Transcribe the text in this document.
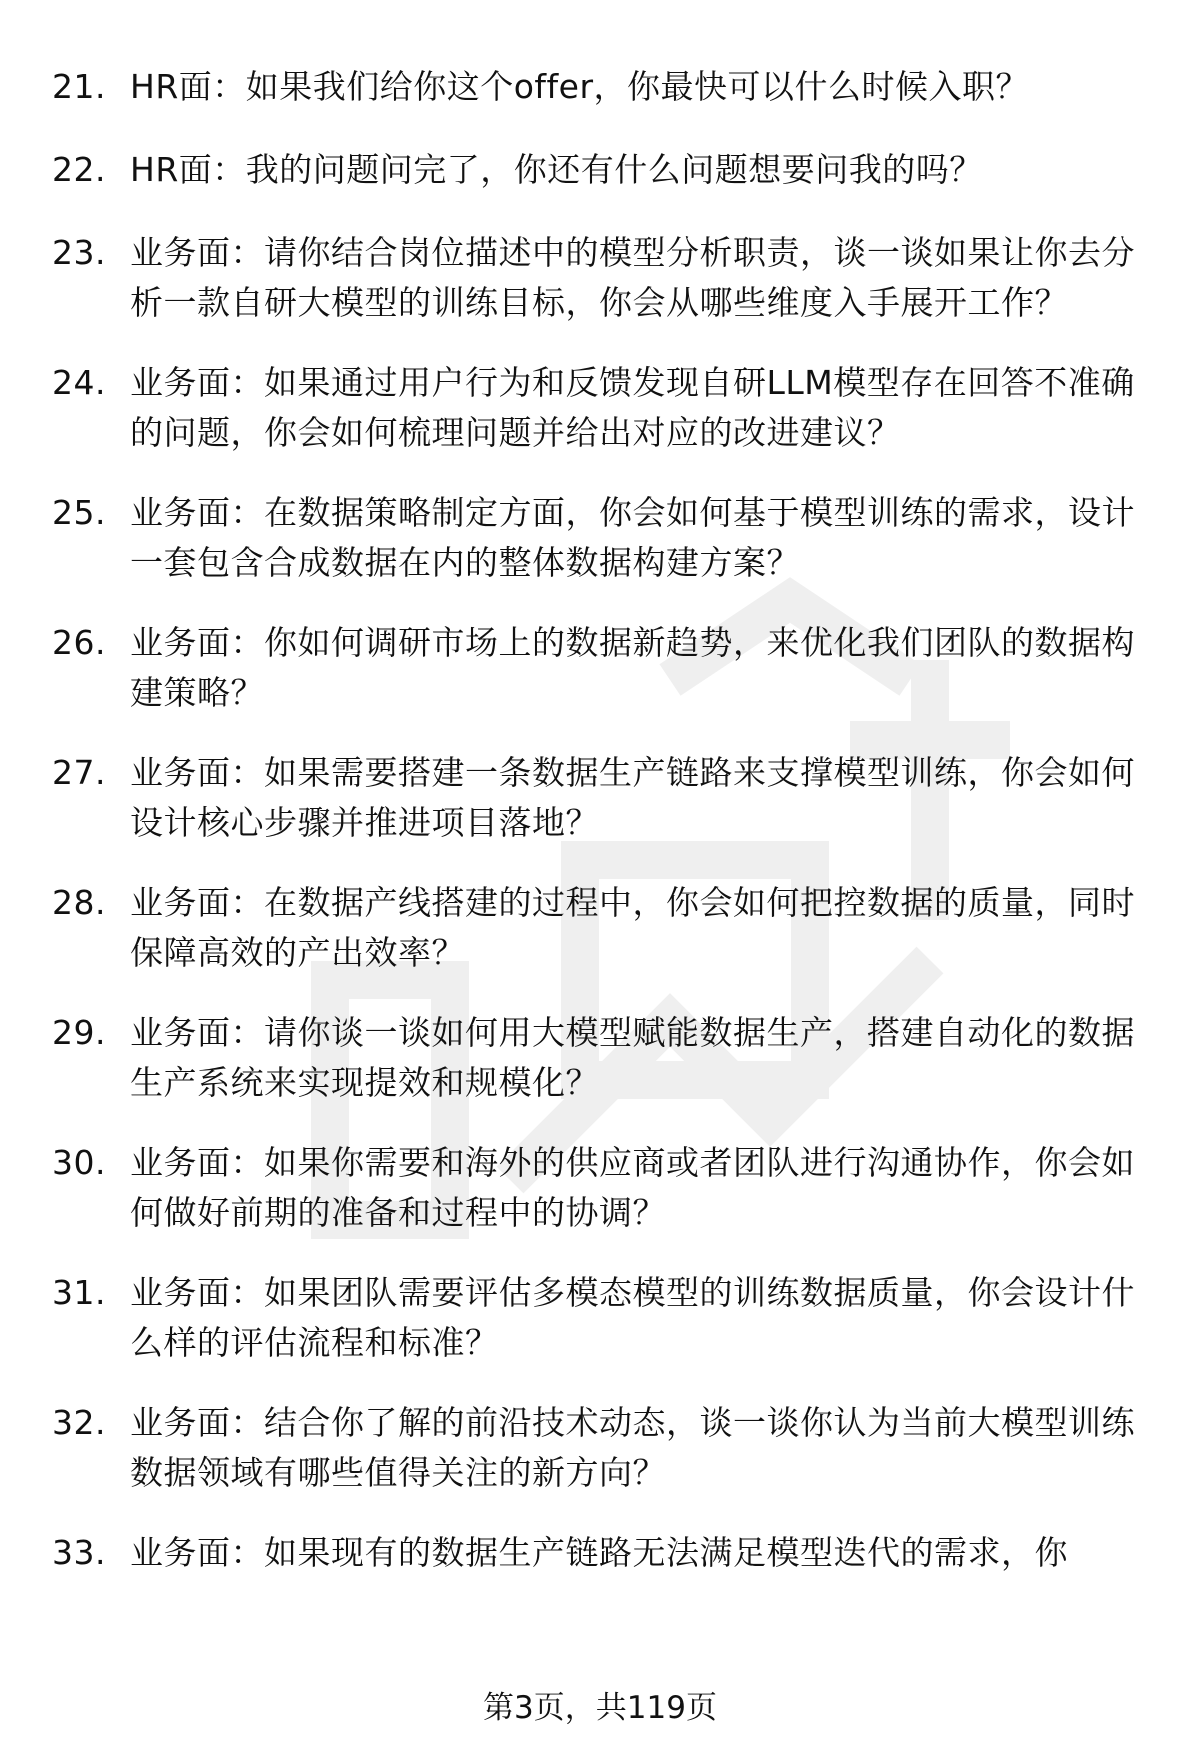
21. HR面：如果我们给你这个offer，你最快可以什么时候入职？
22. HR面：我的问题问完了，你还有什么问题想要问我的吗？
23. 业务面：请你结合岗位描述中的模型分析职责，谈一谈如果让你去分析一款自研大模型的训练目标，你会从哪些维度入手展开工作？
24. 业务面：如果通过用户行为和反馈发现自研LLM模型存在回答不准确的问题，你会如何梳理问题并给出对应的改进建议？
25. 业务面：在数据策略制定方面，你会如何基于模型训练的需求，设计一套包含合成数据在内的整体数据构建方案？
26. 业务面：你如何调研市场上的数据新趋势，来优化我们团队的数据构建策略？
27. 业务面：如果需要搭建一条数据生产链路来支撑模型训练，你会如何设计核心步骤并推进项目落地？
28. 业务面：在数据产线搭建的过程中，你会如何把控数据的质量，同时保障高效的产出效率？
29. 业务面：请你谈一谈如何用大模型赋能数据生产，搭建自动化的数据生产系统来实现提效和规模化？
30. 业务面：如果你需要和海外的供应商或者团队进行沟通协作，你会如何做好前期的准备和过程中的协调？
31. 业务面：如果团队需要评估多模态模型的训练数据质量，你会设计什么样的评估流程和标准？
32. 业务面：结合你了解的前沿技术动态，谈一谈你认为当前大模型训练数据领域有哪些值得关注的新方向？
33. 业务面：如果现有的数据生产链路无法满足模型迭代的需求，你
第3页，共119页
